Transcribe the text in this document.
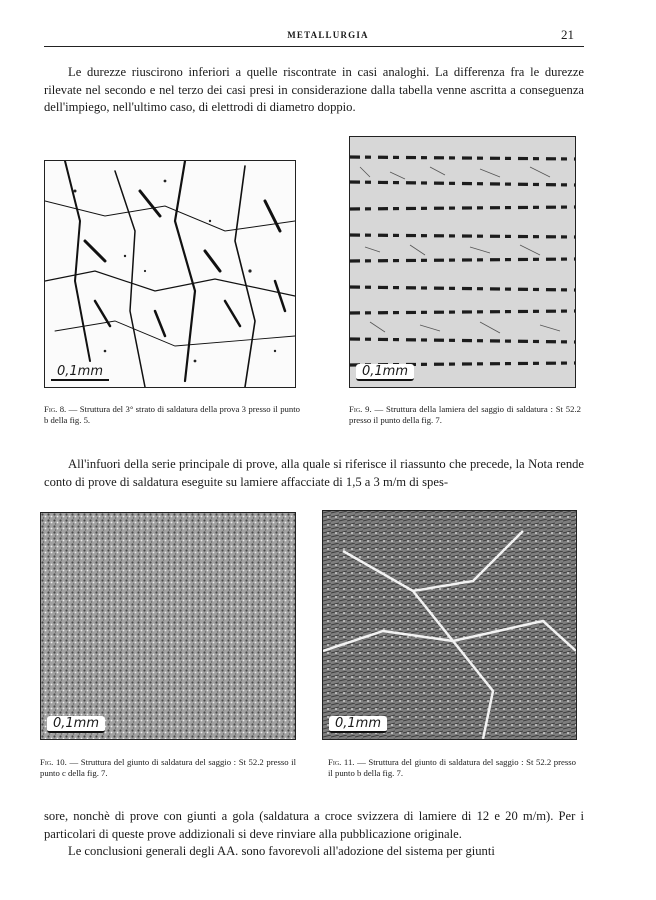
METALLURGIA	21

Le durezze riuscirono inferiori a quelle riscontrate in casi analoghi. La differenza fra le durezze rilevate nel secondo e nel terzo dei casi presi in considerazione dalla tabella venne ascritta a conseguenza dell'impiego, nell'ultimo caso, di elettrodi di diametro doppio.

0,1mm
Fig. 8. — Struttura del 3° strato di saldatura della prova 3 presso il punto b della fig. 5.
0,1mm
Fig. 9. — Struttura della lamiera del saggio di saldatura : St 52.2 presso il punto della fig. 7.

All'infuori della serie principale di prove, alla quale si riferisce il riassunto che precede, la Nota rende conto di prove di saldatura eseguite su lamiere affacciate di 1,5 a 3 m/m di spes-

0,1mm
Fig. 10. — Struttura del giunto di saldatura del saggio : St 52.2 presso il punto c della fig. 7.
0,1mm
Fig. 11. — Struttura del giunto di saldatura del saggio : St 52.2 presso il punto b della fig. 7.
sore, nonchè di prove con giunti a gola (saldatura a croce svizzera di lamiere di 12 e 20 m/m). Per i particolari di queste prove addizionali si deve rinviare alla pubblicazione originale.
Le conclusioni generali degli AA. sono favorevoli all'adozione del sistema per giunti
